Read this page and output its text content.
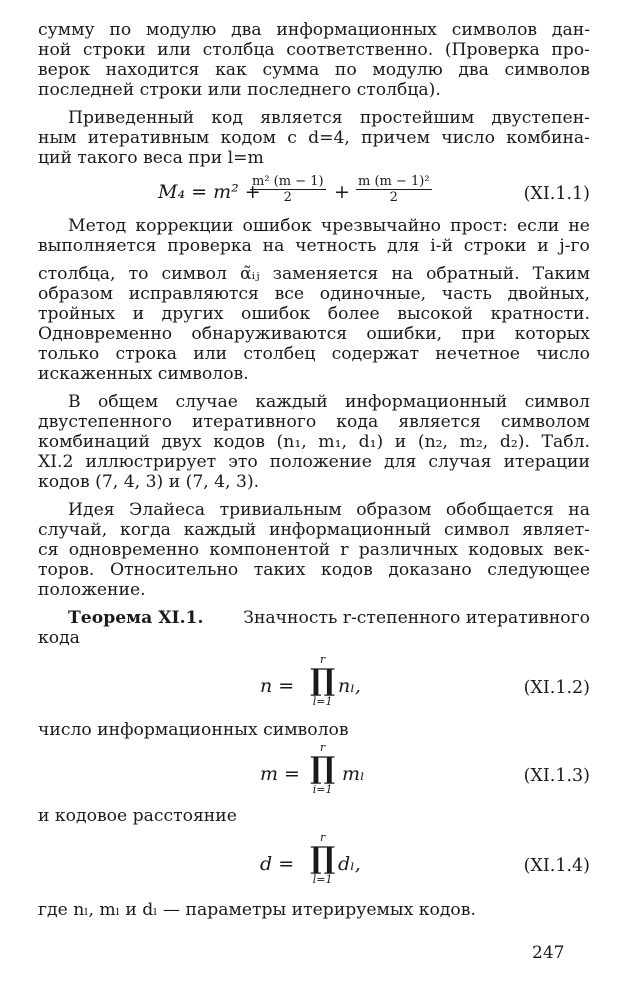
сумму по модулю два информационных символов дан-
ной строки или столбца соответственно. (Проверка про-
верок находится как сумма по модулю два символов
последней строки или последнего столбца).
Приведенный код является простейшим двустепен-
ным итеративным кодом с d=4, причем число комбина-
ций такого веса при l=m
M₄ = m² +
$\frac{\text{m² (m − 1)}}{2} + \frac{\text{m (m − 1)²}}{2}$	(XI.1.1)
Метод коррекции ошибок чрезвычайно прост: если не
выполняется проверка на четность для i-й строки и j-го
столбца, то символ α̃ᵢⱼ заменяется на обратный. Таким
образом исправляются все одиночные, часть двойных,
тройных и других ошибок более высокой кратности.
Одновременно обнаруживаются ошибки, при которых
только строка или столбец содержат нечетное число
искаженных символов.
В общем случае каждый информационный символ
двустепенного итеративного кода является символом
комбинаций двух кодов (n₁, m₁, d₁) и (n₂, m₂, d₂). Табл.
XI.2 иллюстрирует это положение для случая итерации
кодов (7, 4, 3) и (7, 4, 3).
Идея Элайеса тривиальным образом обобщается на
случай, когда каждый информационный символ являет-
ся одновременно компонентой r различных кодовых век-
торов. Относительно таких кодов доказано следующее
положение.
Теорема XI.1. Значность r-степенного итеративного
кода
n =
r
∏
l=1
nₗ,	(XI.1.2)
число информационных символов
m =
r
∏
i=1
mₗ	(XI.1.3)
и кодовое расстояние
d =
r
∏
l=1
dₗ,	(XI.1.4)
где nₗ, mₗ и dₗ — параметры итерируемых кодов.
247
